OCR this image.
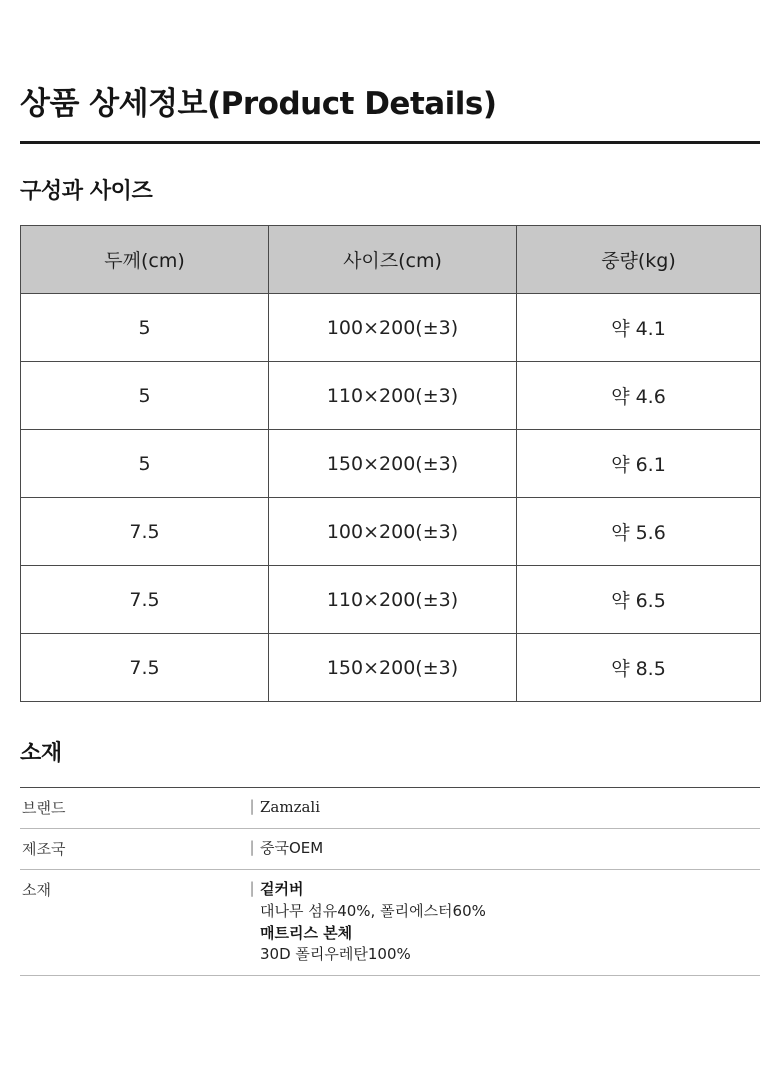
상품 상세정보(Product Details)
구성과 사이즈
두께(cm)	사이즈(cm)	중량(kg)
5	100×200(±3)	약 4.1
5	110×200(±3)	약 4.6
5	150×200(±3)	약 6.1
7.5	100×200(±3)	약 5.6
7.5	110×200(±3)	약 6.5
7.5	150×200(±3)	약 8.5
소재
브랜드	| Zamzali
제조국	| 중국OEM
소재	| 겉커버
대나무 섬유40%, 폴리에스터60%
매트리스 본체
30D 폴리우레탄100%
